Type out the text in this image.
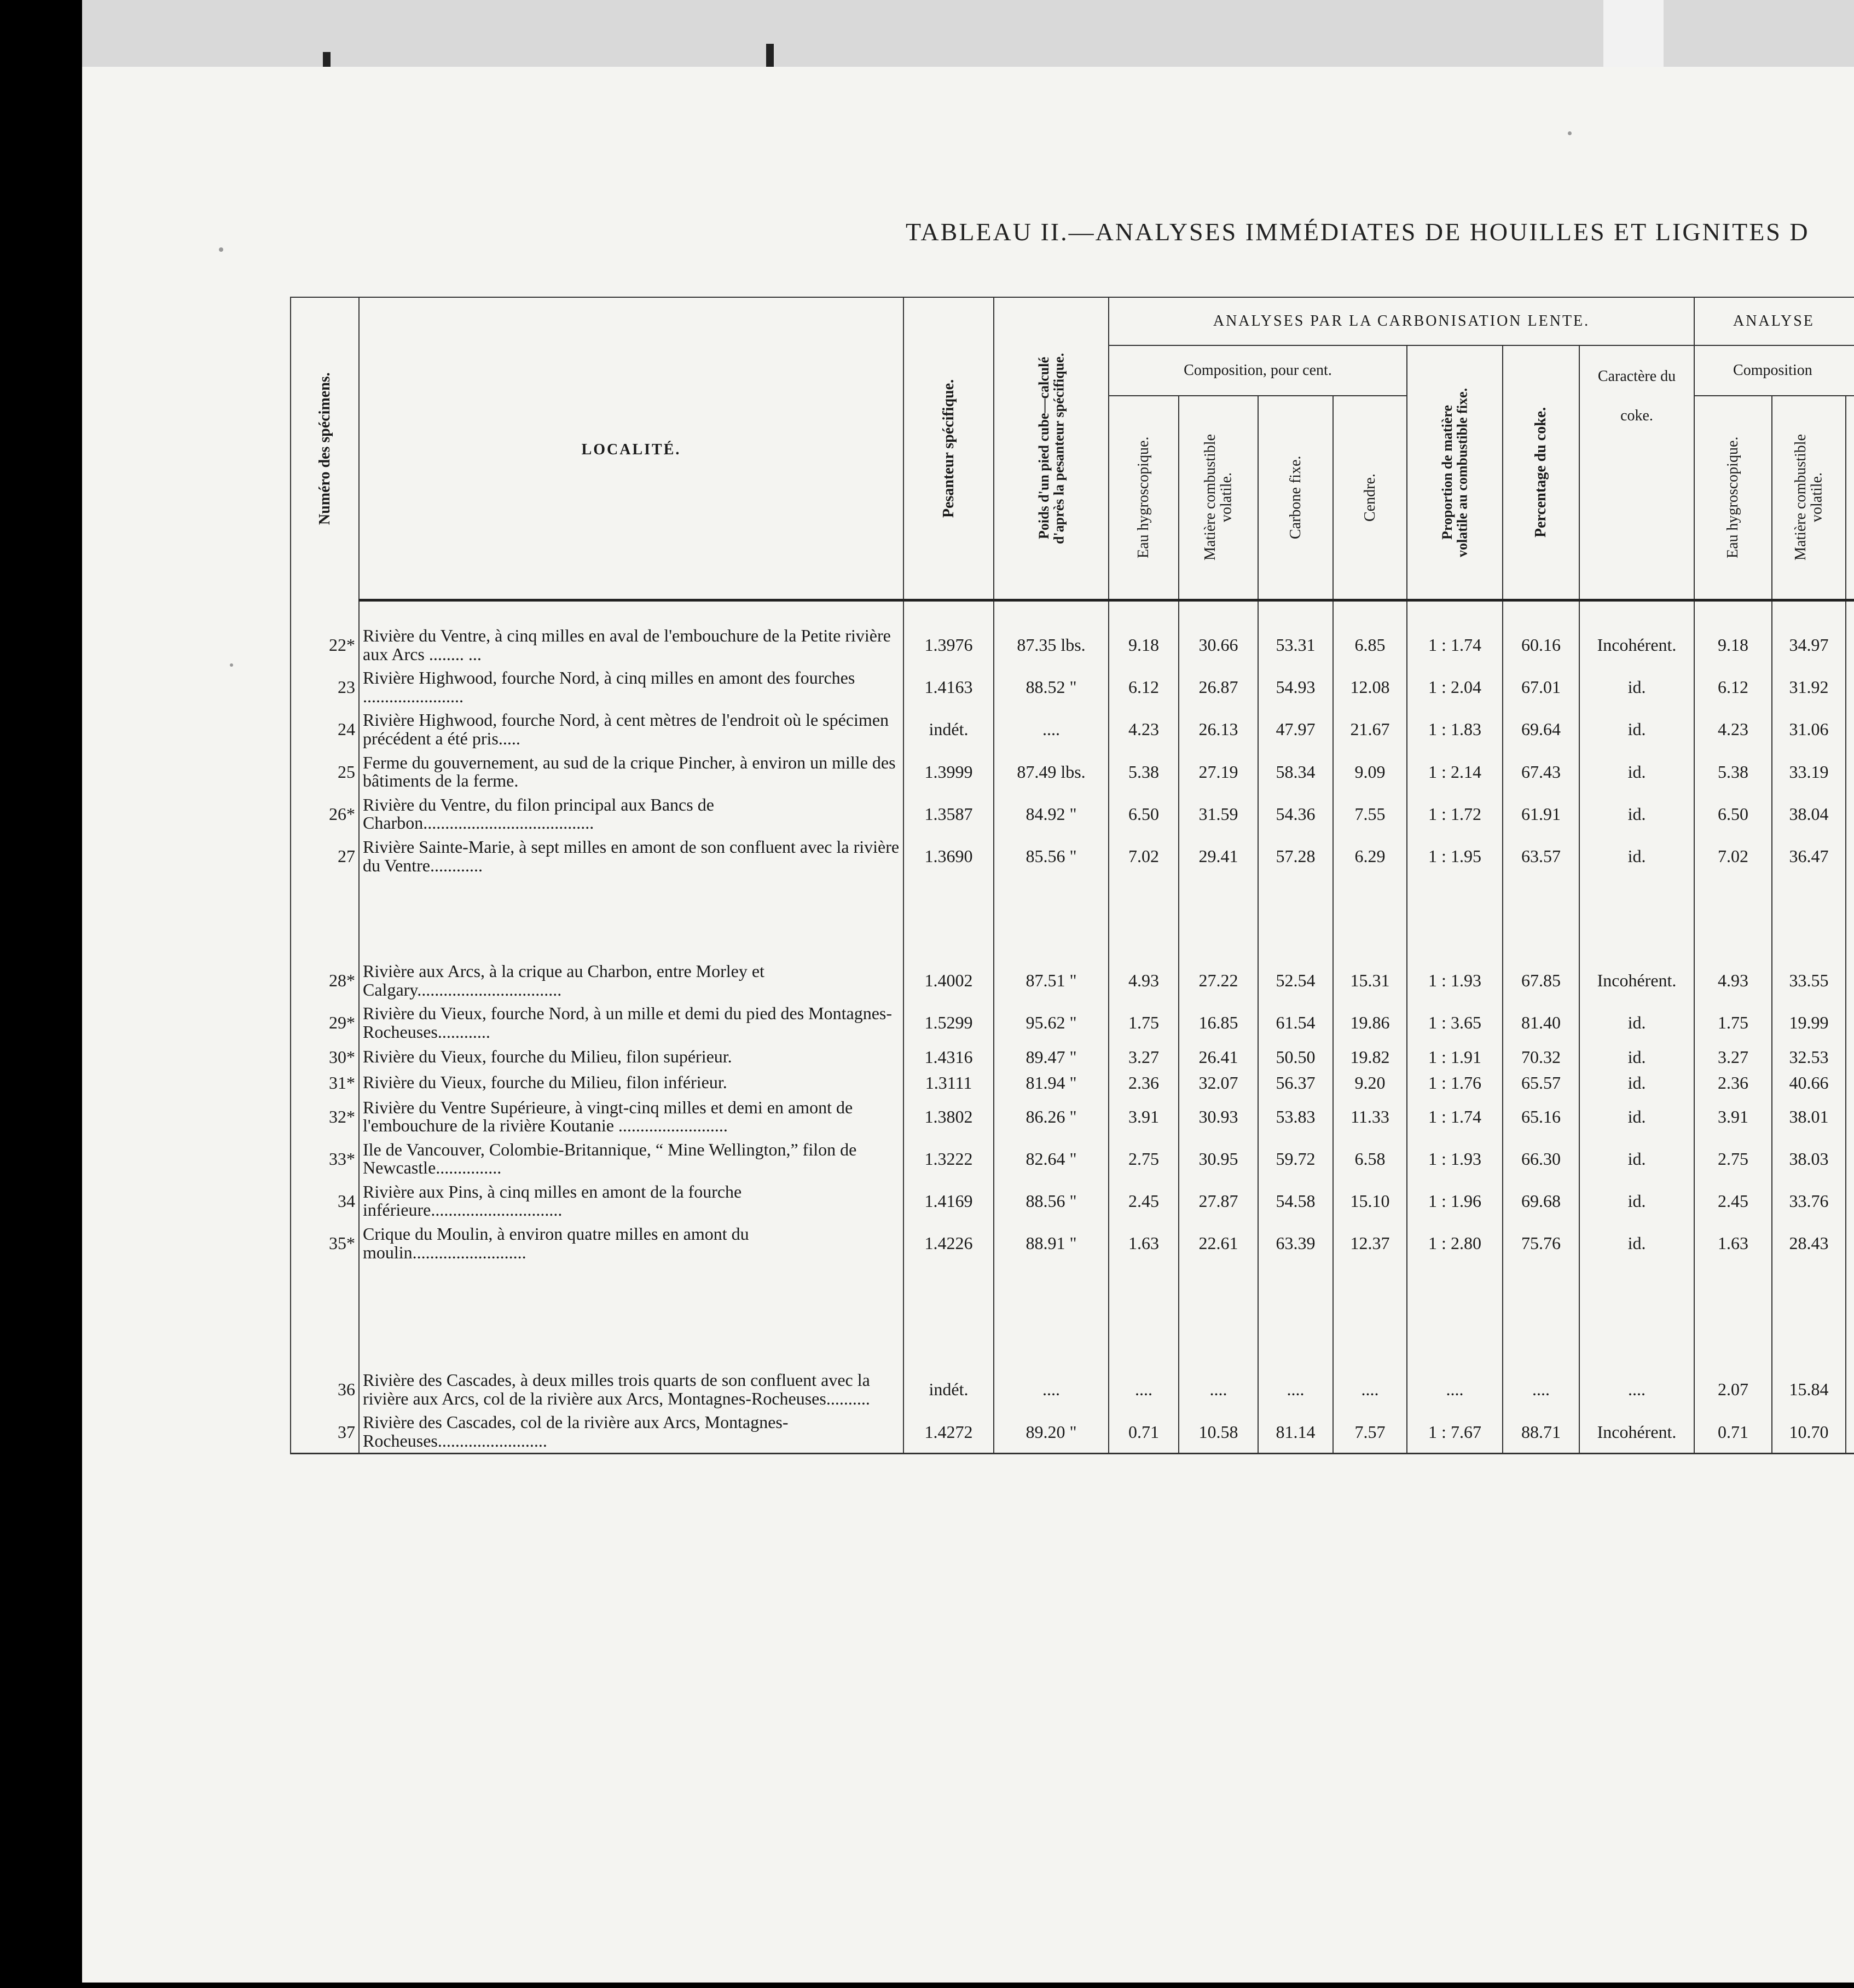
TABLEAU II.—ANALYSES IMMÉDIATES DE HOUILLES ET LIGNITES D
Numéro des spécimens.	LOCALITÉ.	Pesanteur spécifique.	Poids d'un pied cube—calculé d'après la pesanteur spécifique.	ANALYSES PAR LA CARBONISATION LENTE.							ANALYSE		
				Composition, pour cent.				Proportion de matière volatile au combustible fixe.	Percentage du coke.	Caractère du coke.	Composition		

				Eau hygroscopique.	Matière combustible volatile.	Carbone fixe.	Cendre.				Eau hygroscopique.	Matière combustible volatile.	

22*	Rivière du Ventre, à cinq milles en aval de l'embouchure de la Petite rivière aux Arcs ........ ...	1.3976	87.35 lbs.	9.18	30.66	53.31	6.85	1 : 1.74	60.16	Incohérent.	9.18	34.97	
23	Rivière Highwood, fourche Nord, à cinq milles en amont des fourches .......................	1.4163	88.52 "	6.12	26.87	54.93	12.08	1 : 2.04	67.01	id.	6.12	31.92	
24	Rivière Highwood, fourche Nord, à cent mètres de l'endroit où le spécimen précédent a été pris.....	indét.	....	4.23	26.13	47.97	21.67	1 : 1.83	69.64	id.	4.23	31.06	
25	Ferme du gouvernement, au sud de la crique Pincher, à environ un mille des bâtiments de la ferme.	1.3999	87.49 lbs.	5.38	27.19	58.34	9.09	1 : 2.14	67.43	id.	5.38	33.19	
26*	Rivière du Ventre, du filon principal aux Bancs de Charbon.......................................	1.3587	84.92 "	6.50	31.59	54.36	7.55	1 : 1.72	61.91	id.	6.50	38.04	
27	Rivière Sainte-Marie, à sept milles en amont de son confluent avec la rivière du Ventre............	1.3690	85.56 "	7.02	29.41	57.28	6.29	1 : 1.95	63.57	id.	7.02	36.47	

28*	Rivière aux Arcs, à la crique au Charbon, entre Morley et Calgary.................................	1.4002	87.51 "	4.93	27.22	52.54	15.31	1 : 1.93	67.85	Incohérent.	4.93	33.55	
29*	Rivière du Vieux, fourche Nord, à un mille et demi du pied des Montagnes-Rocheuses............	1.5299	95.62 "	1.75	16.85	61.54	19.86	1 : 3.65	81.40	id.	1.75	19.99	
30*	Rivière du Vieux, fourche du Milieu, filon supérieur.	1.4316	89.47 "	3.27	26.41	50.50	19.82	1 : 1.91	70.32	id.	3.27	32.53	
31*	Rivière du Vieux, fourche du Milieu, filon inférieur.	1.3111	81.94 "	2.36	32.07	56.37	9.20	1 : 1.76	65.57	id.	2.36	40.66	
32*	Rivière du Ventre Supérieure, à vingt-cinq milles et demi en amont de l'embouchure de la rivière Koutanie .........................	1.3802	86.26 "	3.91	30.93	53.83	11.33	1 : 1.74	65.16	id.	3.91	38.01	
33*	Ile de Vancouver, Colombie-Britannique, “ Mine Wellington,” filon de Newcastle...............	1.3222	82.64 "	2.75	30.95	59.72	6.58	1 : 1.93	66.30	id.	2.75	38.03	
34	Rivière aux Pins, à cinq milles en amont de la fourche inférieure..............................	1.4169	88.56 "	2.45	27.87	54.58	15.10	1 : 1.96	69.68	id.	2.45	33.76	
35*	Crique du Moulin, à environ quatre milles en amont du moulin..........................	1.4226	88.91 "	1.63	22.61	63.39	12.37	1 : 2.80	75.76	id.	1.63	28.43	

36	Rivière des Cascades, à deux milles trois quarts de son confluent avec la rivière aux Arcs, col de la rivière aux Arcs, Montagnes-Rocheuses..........	indét.	....	....	....	....	....	....	....	....	2.07	15.84	
37	Rivière des Cascades, col de la rivière aux Arcs, Montagnes-Rocheuses.........................	1.4272	89.20 "	0.71	10.58	81.14	7.57	1 : 7.67	88.71	Incohérent.	0.71	10.70	
